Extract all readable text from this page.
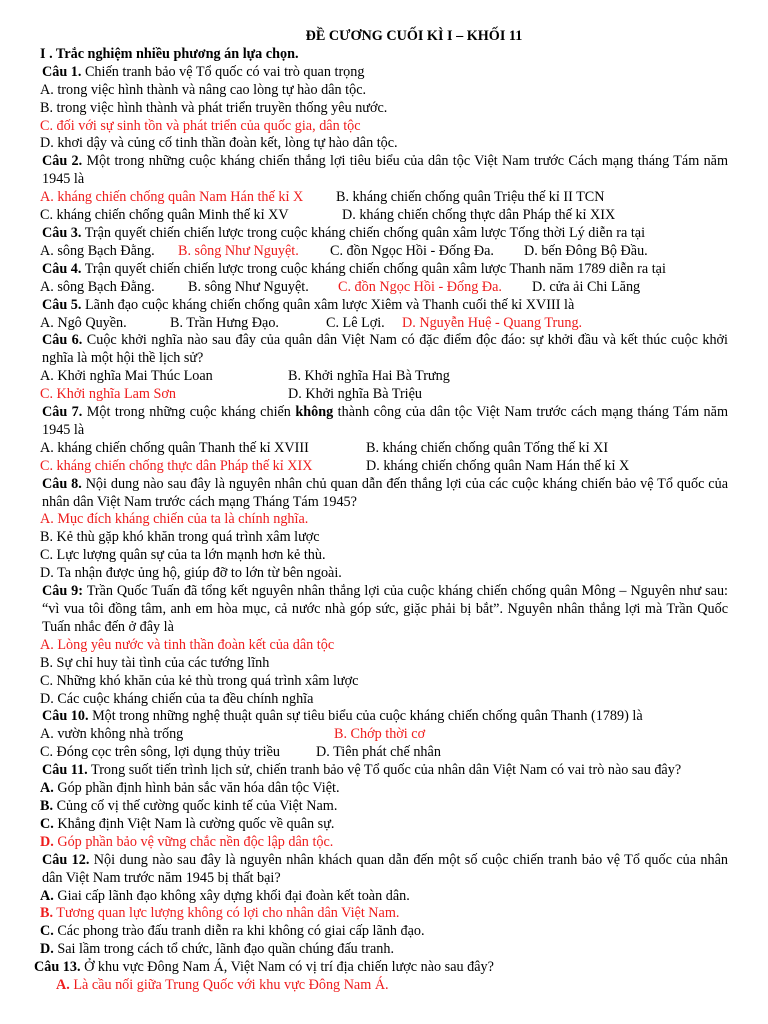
ĐỀ CƯƠNG CUỐI KÌ I – KHỐI 11
I . Trắc nghiệm nhiều phương án lựa chọn.
Câu 1. Chiến tranh bảo vệ Tổ quốc có vai trò quan trọng
A. trong việc hình thành và nâng cao lòng tự hào dân tộc.
B. trong việc hình thành và phát triển truyền thống yêu nước.
C. đối với sự sinh tồn và phát triển của quốc gia, dân tộc
D. khơi dậy và củng cố tinh thần đoàn kết, lòng tự hào dân tộc.
Câu 2. Một trong những cuộc kháng chiến thắng lợi tiêu biểu của dân tộc Việt Nam trước Cách mạng tháng Tám năm 1945 là
A. kháng chiến chống quân Nam Hán thế kỉ X B. kháng chiến chống quân Triệu thế kỉ II TCN
C. kháng chiến chống quân Minh thế kỉ XV	D. kháng chiến chống thực dân Pháp thế kỉ XIX
Câu 3. Trận quyết chiến chiến lược trong cuộc kháng chiến chống quân xâm lược Tống thời Lý diễn ra tại
A. sông Bạch Đằng. B. sông Như Nguyệt. C. đồn Ngọc Hồi - Đống Đa. D. bến Đông Bộ Đầu.
Câu 4. Trận quyết chiến chiến lược trong cuộc kháng chiến chống quân xâm lược Thanh năm 1789 diễn ra tại
A. sông Bạch Đằng. B. sông Như Nguyệt. C. đồn Ngọc Hồi - Đống Đa. D. cửa ải Chi Lăng
Câu 5. Lãnh đạo cuộc kháng chiến chống quân xâm lược Xiêm và Thanh cuối thế kỉ XVIII là
A. Ngô Quyền.	B. Trần Hưng Đạo.	C. Lê Lợi. D. Nguyễn Huệ - Quang Trung.
Câu 6. Cuộc khởi nghĩa nào sau đây của quân dân Việt Nam có đặc điểm độc đáo: sự khởi đầu và kết thúc cuộc khởi nghĩa là một hội thề lịch sử?
A. Khởi nghĩa Mai Thúc Loan	B. Khởi nghĩa Hai Bà Trưng
C. Khởi nghĩa Lam Sơn	D. Khởi nghĩa Bà Triệu
Câu 7. Một trong những cuộc kháng chiến không thành công của dân tộc Việt Nam trước cách mạng tháng Tám năm 1945 là
A. kháng chiến chống quân Thanh thế kỉ XVIII	B. kháng chiến chống quân Tống thế kỉ XI
C. kháng chiến chống thực dân Pháp thế kỉ XIX	D. kháng chiến chống quân Nam Hán thế kỉ X
Câu 8. Nội dung nào sau đây là nguyên nhân chủ quan dẫn đến thắng lợi của các cuộc kháng chiến bảo vệ Tổ quốc của nhân dân Việt Nam trước cách mạng Tháng Tám 1945?
A. Mục đích kháng chiến của ta là chính nghĩa.
B. Kẻ thù gặp khó khăn trong quá trình xâm lược
C. Lực lượng quân sự của ta lớn mạnh hơn kẻ thù.
D. Ta nhận được ủng hộ, giúp đỡ to lớn từ bên ngoài.
Câu 9: Trần Quốc Tuấn đã tổng kết nguyên nhân thắng lợi của cuộc kháng chiến chống quân Mông – Nguyên như sau: “vì vua tôi đồng tâm, anh em hòa mục, cả nước nhà góp sức, giặc phải bị bắt”. Nguyên nhân thắng lợi mà Trần Quốc Tuấn nhắc đến ở đây là
A. Lòng yêu nước và tinh thần đoàn kết của dân tộc
B. Sự chỉ huy tài tình của các tướng lĩnh
C. Những khó khăn của kẻ thù trong quá trình xâm lược
D. Các cuộc kháng chiến của ta đều chính nghĩa
Câu 10. Một trong những nghệ thuật quân sự tiêu biểu của cuộc kháng chiến chống quân Thanh (1789) là
A. vườn không nhà trống	B. Chớp thời cơ
C. Đóng cọc trên sông, lợi dụng thủy triều	D. Tiên phát chế nhân
Câu 11. Trong suốt tiến trình lịch sử, chiến tranh bảo vệ Tổ quốc của nhân dân Việt Nam có vai trò nào sau đây?
A. Góp phần định hình bản sắc văn hóa dân tộc Việt.
B. Củng cố vị thế cường quốc kinh tế của Việt Nam.
C. Khẳng định Việt Nam là cường quốc về quân sự.
D. Góp phần bảo vệ vững chắc nền độc lập dân tộc.
Câu 12. Nội dung nào sau đây là nguyên nhân khách quan dẫn đến một số cuộc chiến tranh bảo vệ Tổ quốc của nhân dân Việt Nam trước năm 1945 bị thất bại?
A. Giai cấp lãnh đạo không xây dựng khối đại đoàn kết toàn dân.
B. Tương quan lực lượng không có lợi cho nhân dân Việt Nam.
C. Các phong trào đấu tranh diễn ra khi không có giai cấp lãnh đạo.
D. Sai lầm trong cách tổ chức, lãnh đạo quần chúng đấu tranh.
Câu 13. Ở khu vực Đông Nam Á, Việt Nam có vị trí địa chiến lược nào sau đây?
A. Là cầu nối giữa Trung Quốc với khu vực Đông Nam Á.
